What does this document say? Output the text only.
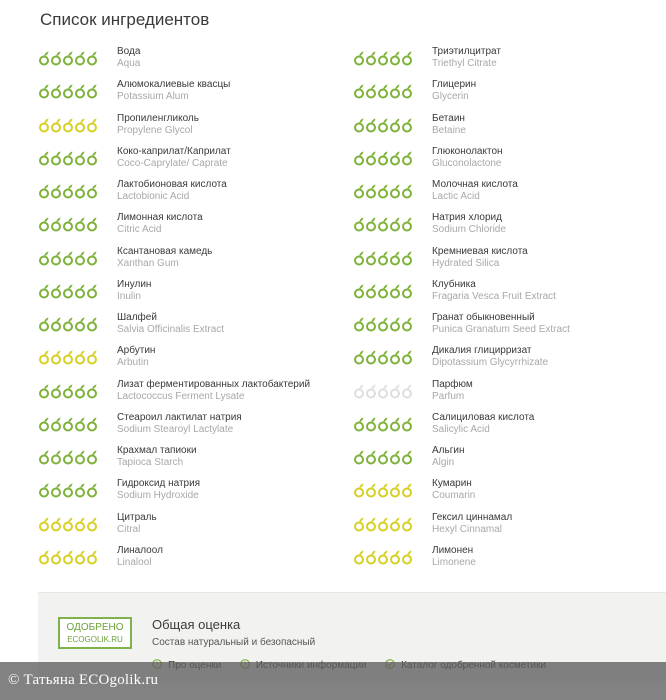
Список ингредиентов
Вода
Aqua
Алюмокалиевые квасцы
Potassium Alum
Пропиленгликоль
Propylene Glycol
Коко-каприлат/Каприлат
Coco-Caprylate/ Caprate
Лактобионовая кислота
Lactobionic Acid
Лимонная кислота
Citric Acid
Ксантановая камедь
Xanthan Gum
Инулин
Inulin
Шалфей
Salvia Officinalis Extract
Арбутин
Arbutin
Лизат ферментированных лактобактерий
Lactococcus Ferment Lysate
Стеароил лактилат натрия
Sodium Stearoyl Lactylate
Крахмал тапиоки
Tapioca Starch
Гидроксид натрия
Sodium Hydroxide
Цитраль
Citral
Линалоол
Linalool
Триэтилцитрат
Triethyl Citrate
Глицерин
Glycerin
Бетаин
Betaine
Глюконолактон
Gluconolactone
Молочная кислота
Lactic Acid
Натрия хлорид
Sodium Chloride
Кремниевая кислота
Hydrated Silica
Клубника
Fragaria Vesca Fruit Extract
Гранат обыкновенный
Punica Granatum Seed Extract
Дикалия глицирризат
Dipotassium Glycyrrhizate
Парфюм
Parfum
Салициловая кислота
Salicylic Acid
Альгин
Algin
Кумарин
Coumarin
Гексил циннамал
Hexyl Cinnamal
Лимонен
Limonene
ОДОБРЕНО
ECOGOLIK.RU
Общая оценка
Состав натуральный и безопасный

© Татьяна ECOgolik.ru
